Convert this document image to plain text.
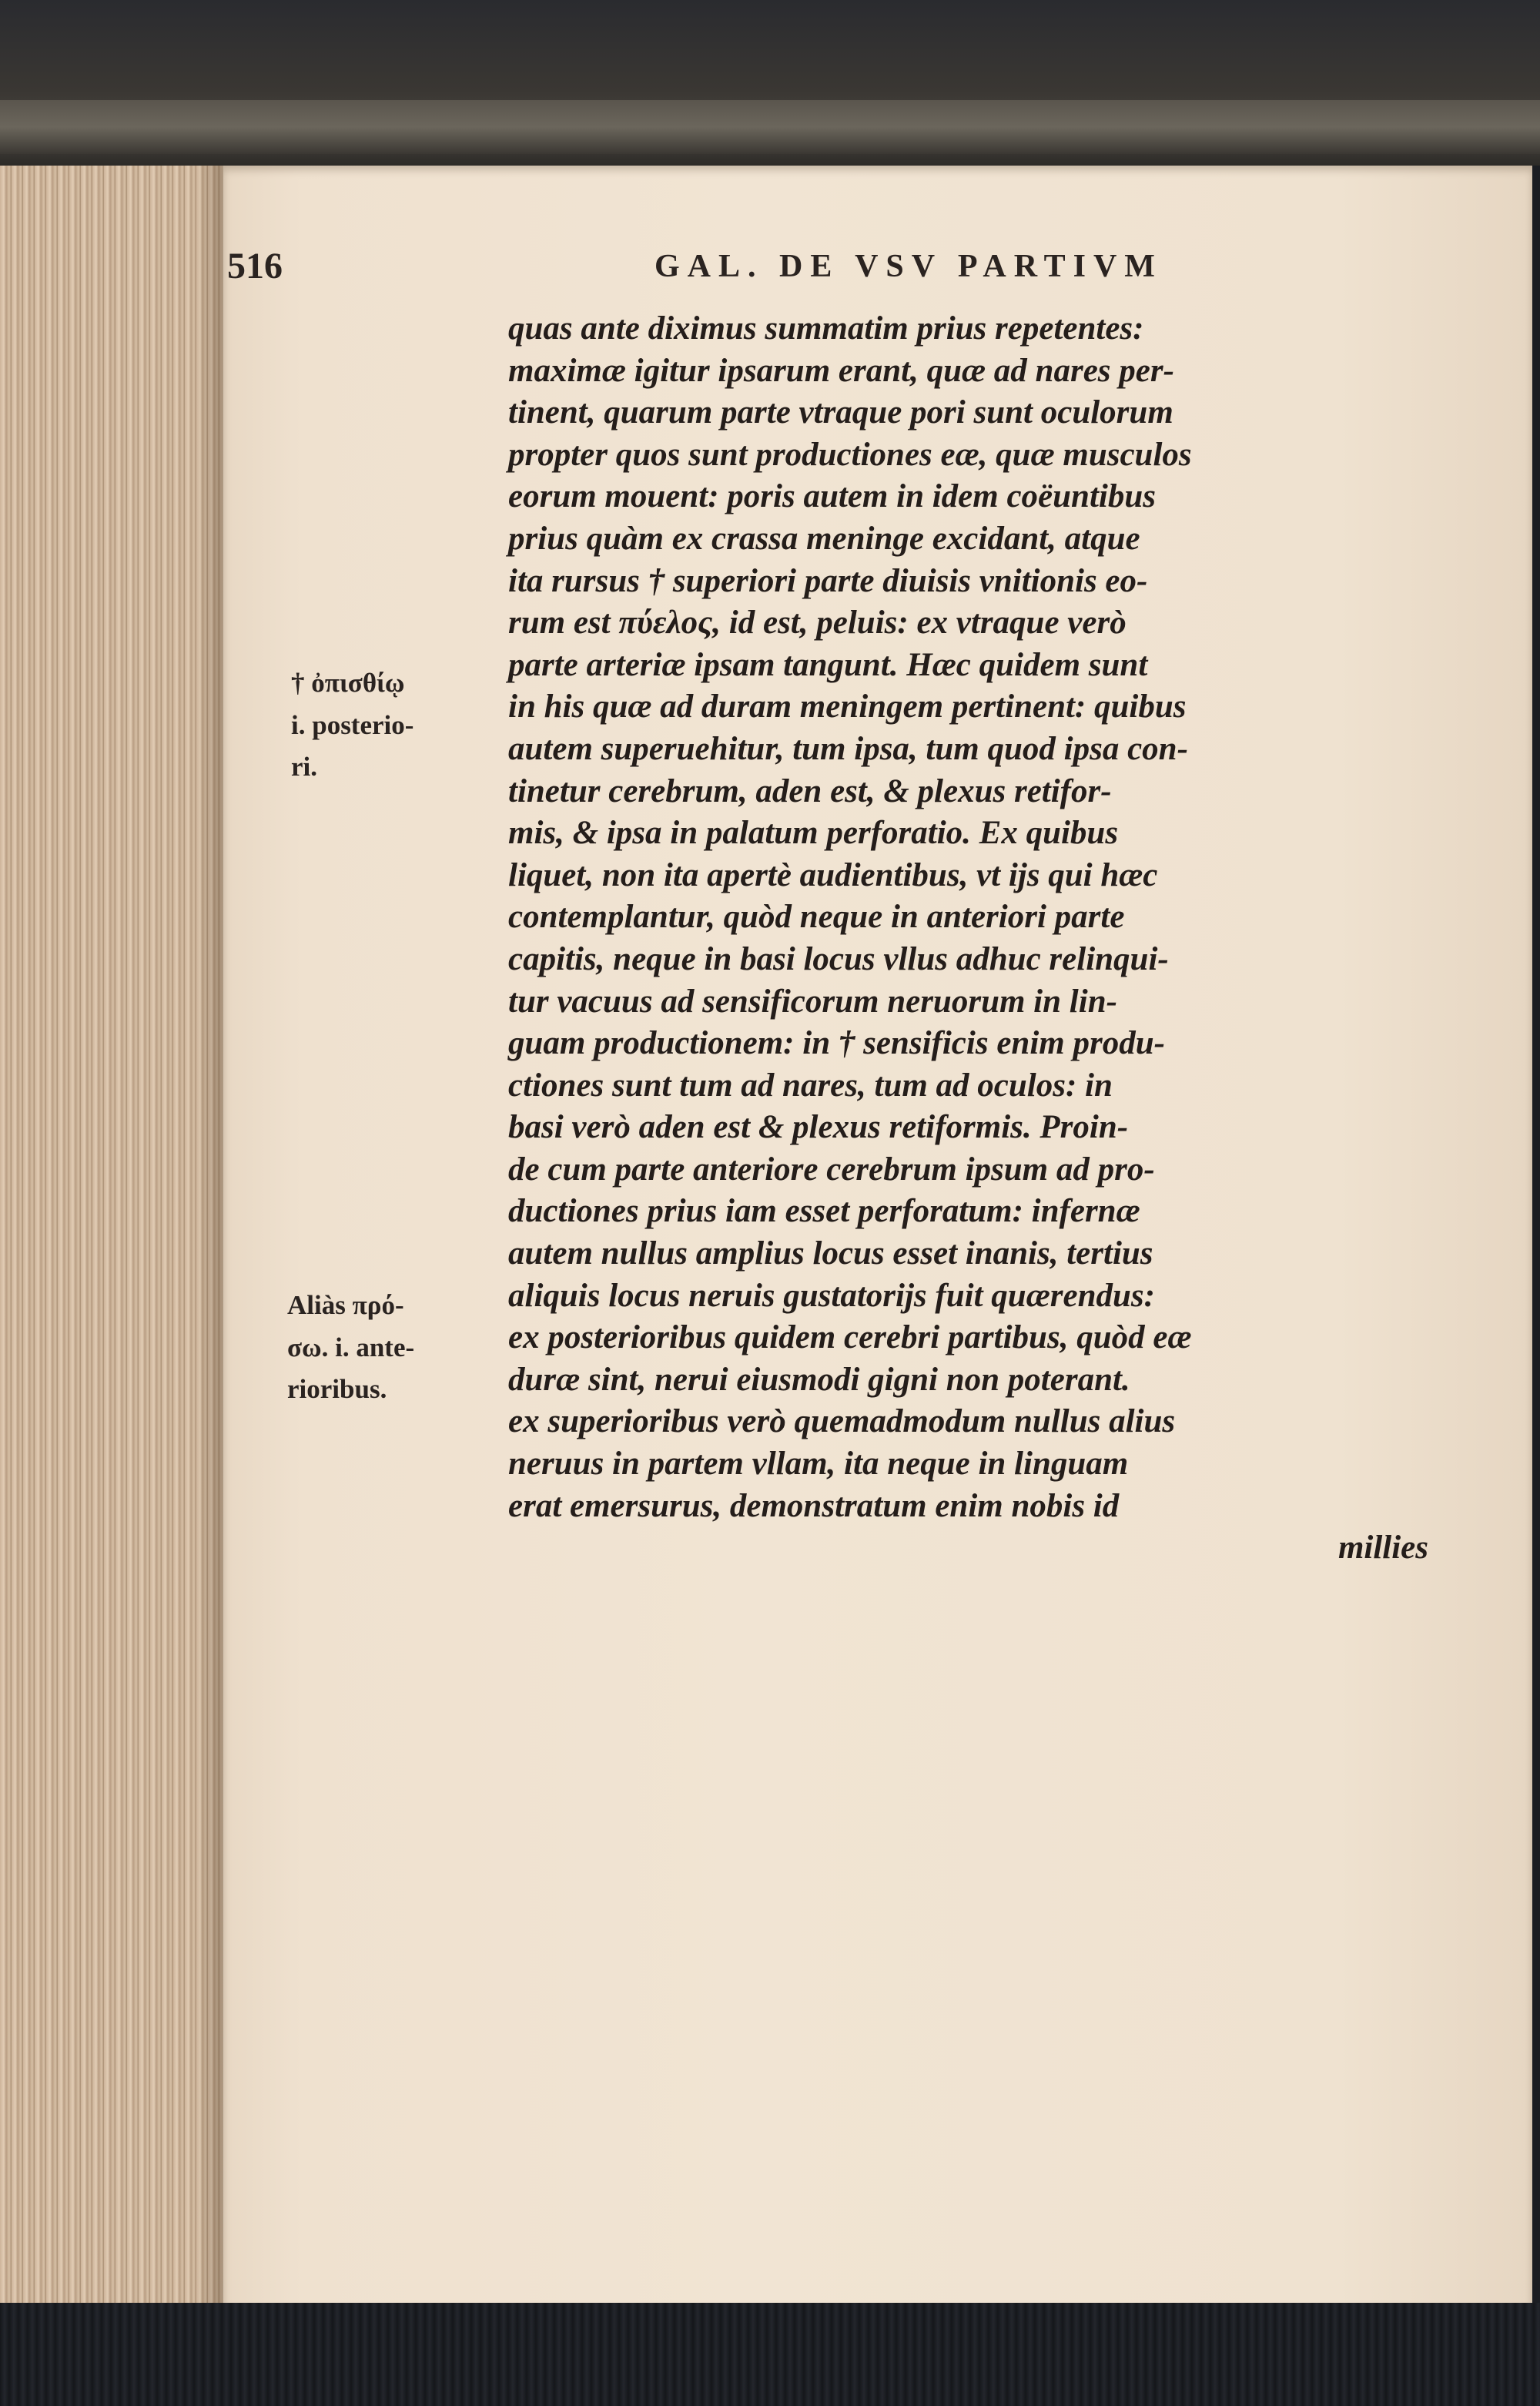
516	GAL. DE VSV PARTIVM
quas ante diximus summatim prius repetentes:
maximæ igitur ipsarum erant, quæ ad nares per-
tinent, quarum parte vtraque pori sunt oculorum
propter quos sunt productiones eæ, quæ musculos
eorum mouent: poris autem in idem coëuntibus
prius quàm ex crassa meninge excidant, atque
ita rursus † superiori parte diuisis vnitionis eo-
rum est πύελος, id est, peluis: ex vtraque verò
parte arteriæ ipsam tangunt. Hæc quidem sunt
in his quæ ad duram meningem pertinent: quibus
autem superuehitur, tum ipsa, tum quod ipsa con-
tinetur cerebrum, aden est, & plexus retifor-
mis, & ipsa in palatum perforatio. Ex quibus
liquet, non ita apertè audientibus, vt ijs qui hæc
contemplantur, quòd neque in anteriori parte
capitis, neque in basi locus vllus adhuc relinqui-
tur vacuus ad sensificorum neruorum in lin-
guam productionem: in † sensificis enim produ-
ctiones sunt tum ad nares, tum ad oculos: in
basi verò aden est & plexus retiformis. Proin-
de cum parte anteriore cerebrum ipsum ad pro-
ductiones prius iam esset perforatum: infernæ
autem nullus amplius locus esset inanis, tertius
aliquis locus neruis gustatorijs fuit quærendus:
ex posterioribus quidem cerebri partibus, quòd eæ
duræ sint, nerui eiusmodi gigni non poterant.
ex superioribus verò quemadmodum nullus alius
neruus in partem vllam, ita neque in linguam
erat emersurus, demonstratum enim nobis id
millies
† ὀπισθίῳ
i. posterio-
ri.
Aliàs πρό-
σω. i. ante-
rioribus.
